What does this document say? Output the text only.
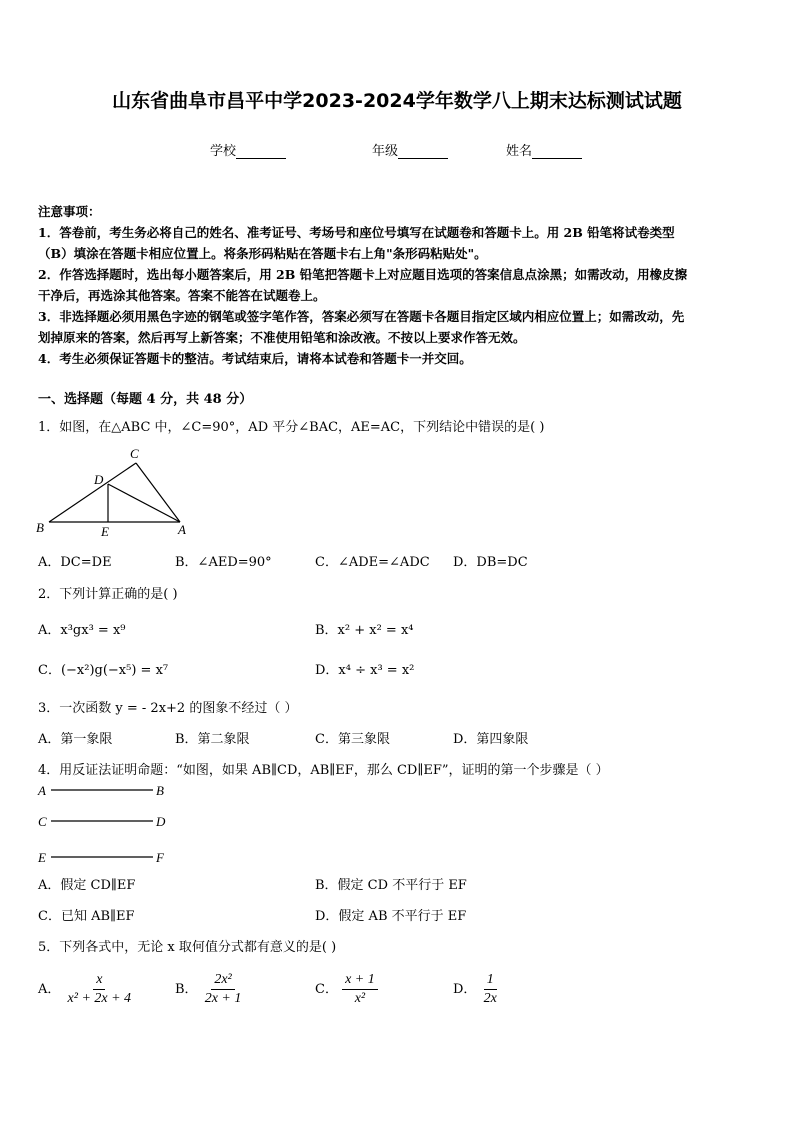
山东省曲阜市昌平中学2023-2024学年数学八上期末达标测试试题
学校	年级	姓名
注意事项：
1．答卷前，考生务必将自己的姓名、准考证号、考场号和座位号填写在试题卷和答题卡上。用 2B 铅笔将试卷类型
（B）填涂在答题卡相应位置上。将条形码粘贴在答题卡右上角"条形码粘贴处"。
2．作答选择题时，选出每小题答案后，用 2B 铅笔把答题卡上对应题目选项的答案信息点涂黑；如需改动，用橡皮擦
干净后，再选涂其他答案。答案不能答在试题卷上。
3．非选择题必须用黑色字迹的钢笔或签字笔作答，答案必须写在答题卡各题目指定区域内相应位置上；如需改动，先
划掉原来的答案，然后再写上新答案；不准使用铅笔和涂改液。不按以上要求作答无效。
4．考生必须保证答题卡的整洁。考试结束后，请将本试卷和答题卡一并交回。
一、选择题（每题 4 分，共 48 分）
1．如图，在△ABC 中，∠C=90°，AD 平分∠BAC，AE=AC，下列结论中错误的是( )
C
D
B	E	A
A．DC=DE	B．∠AED=90°	C．∠ADE=∠ADC D．DB=DC
2．下列计算正确的是( )
A．x³gx³ = x⁹	B．x² + x² = x⁴
C．(−x²)g(−x⁵) = x⁷	D．x⁴ ÷ x³ = x²
3．一次函数 y = - 2x+2 的图象不经过（ ）
A．第一象限	B．第二象限	C．第三象限	D．第四象限
4．用反证法证明命题：“如图，如果 AB∥CD，AB∥EF，那么 CD∥EF”，证明的第一个步骤是（ ）
A	B
C	D
E	F
A．假定 CD∥EF	B．假定 CD 不平行于 EF
C．已知 AB∥EF	D．假定 AB 不平行于 EF
5．下列各式中，无论 x 取何值分式都有意义的是( )
A． $\frac{x}{\text{x² + 2x + 4}}$	B． $\frac{\text{2x²}}{2x + 1}$	C． $\frac{x + 1}{\text{x²}}$	D． $\frac{1}{2x}$
